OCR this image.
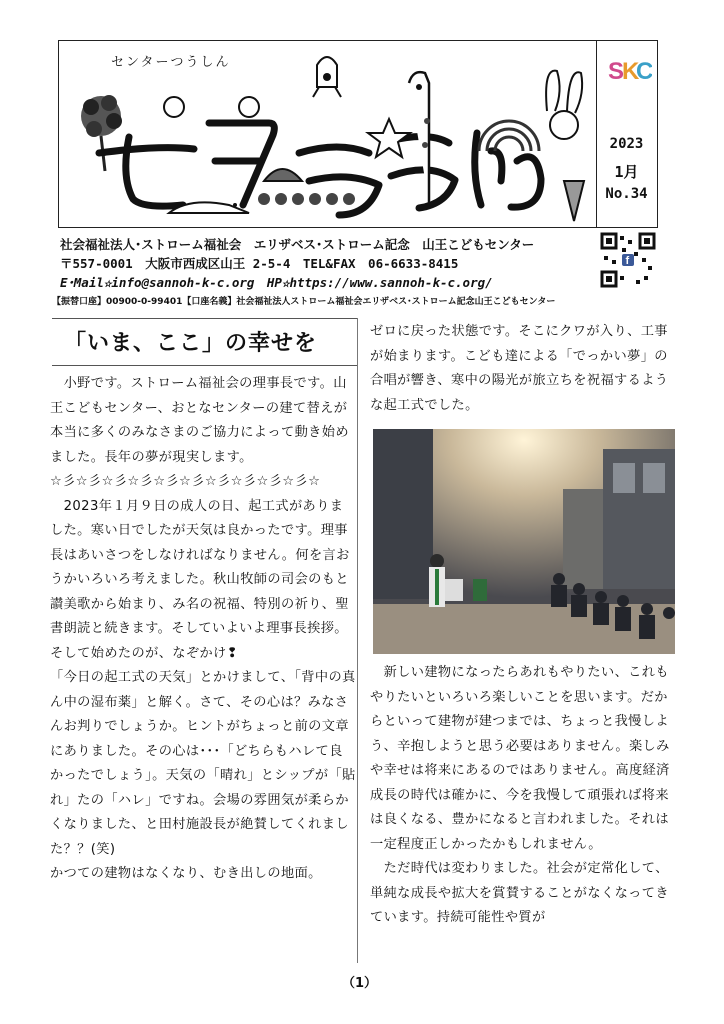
センターつうしん	S
K
C
2023
1月
No.34
社会福祉法人･ストローム福祉会　エリザベス･ストローム記念　山王こどもセンター
〒557-0001　大阪市西成区山王 2-5-4　TEL&FAX　06-6633-8415
E･Mail☆info@sannoh-k-c.org　HP☆https://www.sannoh-k-c.org/
【振替口座】00900-0-99401【口座名義】社会福祉法人ストローム福祉会エリザベス･ストローム記念山王こどもセンター
f
「いま、ここ」の幸せを

　小野です。ストローム福祉会の理事長です。山王こどもセンター、おとなセンターの建て替えが本当に多くのみなさまのご協力によって動き始めました。長年の夢が現実します。

☆彡☆彡☆彡☆彡☆彡☆彡☆彡☆彡☆彡☆彡☆

　2023年１月９日の成人の日、起工式がありました。寒い日でしたが天気は良かったです。理事長はあいさつをしなければなりません。何を言おうかいろいろ考えました。秋山牧師の司会のもと讃美歌から始まり、み名の祝福、特別の祈り、聖書朗読と続きます。そしていよいよ理事長挨拶。

そして始めたのが、なぞかけ❢

「今日の起工式の天気」とかけまして、「背中の真ん中の湿布薬」と解く。さて、その心は？みなさんお判りでしょうか。ヒントがちょっと前の文章にありました。その心は･･･「どちらもハレて良かったでしょう」。天気の「晴れ」とシップが「貼れ」たの「ハレ」ですね。会場の雰囲気が柔らかくなりました、と田村施設長が絶賛してくれました？？(笑)

かつての建物はなくなり、むき出しの地面。

ゼロに戻った状態です。そこにクワが入り、工事が始まります。こども達による「でっかい夢」の合唱が響き、寒中の陽光が旅立ちを祝福するような起工式でした。

　新しい建物になったらあれもやりたい、これもやりたいといろいろ楽しいことを思います。だからといって建物が建つまでは、ちょっと我慢しよう、辛抱しようと思う必要はありません。楽しみや幸せは将来にあるのではありません。高度経済成長の時代は確かに、今を我慢して頑張れば将来は良くなる、豊かになると言われました。それは一定程度正しかったかもしれません。

　ただ時代は変わりました。社会が定常化して、単純な成長や拡大を賞賛することがなくなってきています。持続可能性や質が

（1）
